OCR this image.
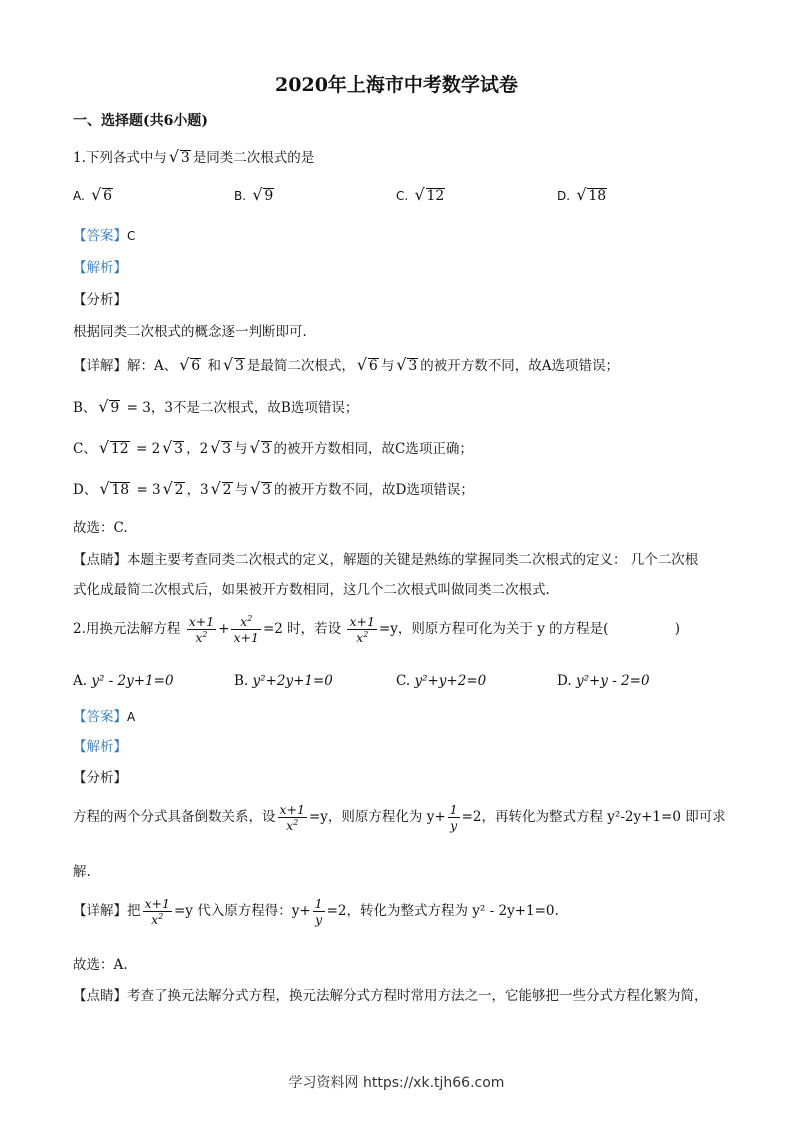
2020年上海市中考数学试卷
一、选择题(共6小题)
1.下列各式中与 √ 3 是同类二次根式的是
A. √ 6	B. √ 9	C. √ 12	D. √ 18
【答案】C
【解析】
【分析】
根据同类二次根式的概念逐一判断即可.
【详解】解：A、 √ 6 和 √ 3 是最简二次根式， √ 6 与 √ 3 的被开方数不同，故A选项错误；
B、 √ 9 = 3，3不是二次根式，故B选项错误；
C、 √ 12 = 2 √ 3 ，2 √ 3 与 √ 3 的被开方数相同，故C选项正确；
D、 √ 18 = 3 √ 2 ，3 √ 2 与 √ 3 的被开方数不同，故D选项错误；
故选：C.
【点睛】本题主要考查同类二次根式的定义，解题的关键是熟练的掌握同类二次根式的定义： 几个二次根
式化成最简二次根式后，如果被开方数相同，这几个二次根式叫做同类二次根式.
2.用换元法解方程 $\frac{x+1}{x^2} + \frac{x^2}{x+1} =2$ 时，若设 $\frac{x+1}{x^2} =y$，则原方程可化为关于 y 的方程是(	)
A. y² - 2y+1=0	B. y²+2y+1=0	C. y²+y+2=0	D. y²+y - 2=0
【答案】A
【解析】
【分析】
方程的两个分式具备倒数关系，设 $\frac{x+1}{x^2} =y$，则原方程化为 $y+ \frac{1}{y} =2$，再转化为整式方程 y²-2y+1=0 即可求
解.
【详解】把 $\frac{x+1}{x^2} =y$ 代入原方程得：$y+ \frac{1}{y} =2$，转化为整式方程为 y² - 2y+1=0.
故选：A.
【点睛】考查了换元法解分式方程，换元法解分式方程时常用方法之一，它能够把一些分式方程化繁为简，
学习资料网 https://xk.tjh66.com
